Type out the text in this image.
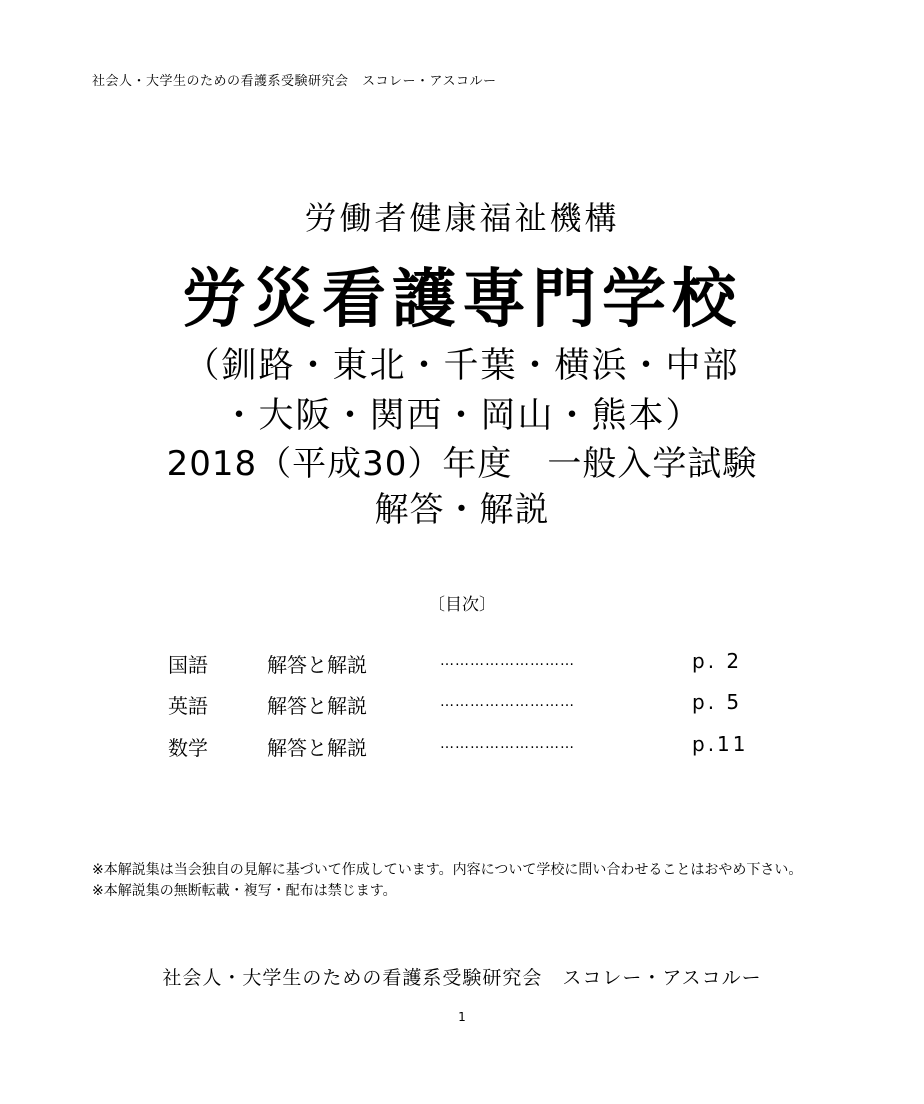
社会人・大学生のための看護系受験研究会　スコレー・アスコルー
労働者健康福祉機構
労災看護専門学校
（釧路・東北・千葉・横浜・中部
・大阪・関西・岡山・熊本）
2018（平成30）年度　一般入学試験
解答・解説
〔目次〕
国語	解答と解説	………………………	p. 2
英語	解答と解説	………………………	p. 5
数学	解答と解説	………………………	p.11

※本解説集は当会独自の見解に基づいて作成しています。内容について学校に問い合わせることはおやめ下さい。

※本解説集の無断転載・複写・配布は禁じます。

社会人・大学生のための看護系受験研究会　スコレー・アスコルー
1
